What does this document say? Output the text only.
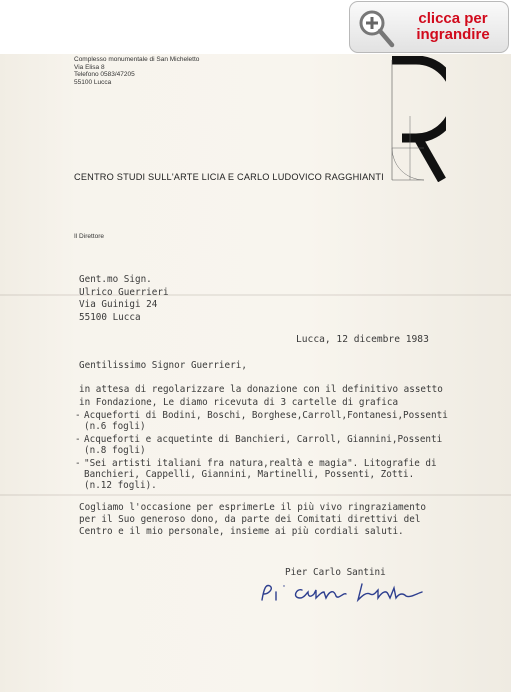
clicca per
ingrandire
Complesso monumentale di San Micheletto
Via Elisa 8
Telefono 0583/47205
55100 Lucca
CENTRO STUDI SULL'ARTE LICIA E CARLO LUDOVICO RAGGHIANTI
Il Direttore
Gent.mo Sign.
Ulrico Guerrieri
Via Guinigi 24
55100 Lucca
Lucca, 12 dicembre 1983
Gentilissimo Signor Guerrieri,
in attesa di regolarizzare la donazione con il definitivo assetto
in Fondazione, Le diamo ricevuta di 3 cartelle di grafica
- Acqueforti di Bodini, Boschi, Borghese,Carroll,Fontanesi,Possenti
(n.6 fogli)
- Acqueforti e acquetinte di Banchieri, Carroll, Giannini,Possenti
(n.8 fogli)
- "Sei artisti italiani fra natura,realtà e magia". Litografie di
Banchieri, Cappelli, Giannini, Martinelli, Possenti, Zotti.
(n.12 fogli).
Cogliamo l'occasione per esprimerLe il più vivo ringraziamento
per il Suo generoso dono, da parte dei Comitati direttivi del
Centro e il mio personale, insieme ai più cordiali saluti.
Pier Carlo Santini
